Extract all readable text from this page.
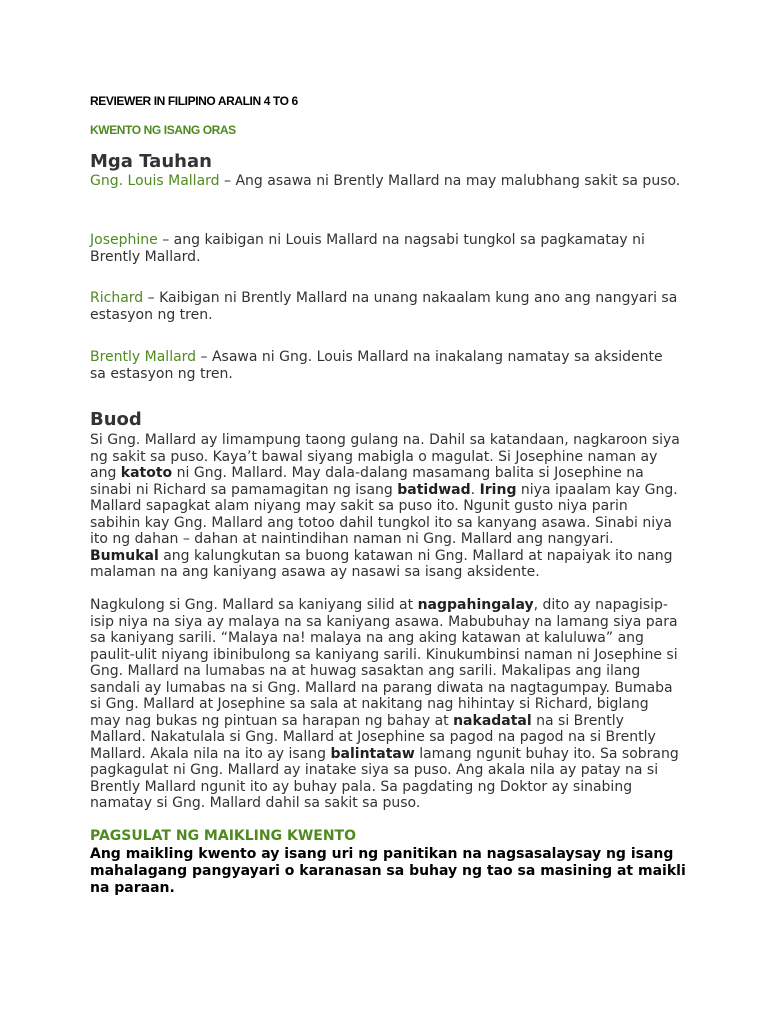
REVIEWER IN FILIPINO ARALIN 4 TO 6
KWENTO NG ISANG ORAS
Mga Tauhan
Gng. Louis Mallard – Ang asawa ni Brently Mallard na may malubhang sakit sa puso.
Josephine – ang kaibigan ni Louis Mallard na nagsabi tungkol sa pagkamatay ni Brently Mallard.
Richard – Kaibigan ni Brently Mallard na unang nakaalam kung ano ang nangyari sa estasyon ng tren.
Brently Mallard – Asawa ni Gng. Louis Mallard na inakalang namatay sa aksidente sa estasyon ng tren.
Buod
Si Gng. Mallard ay limampung taong gulang na. Dahil sa katandaan, nagkaroon siya ng sakit sa puso. Kaya’t bawal siyang mabigla o magulat. Si Josephine naman ay ang katoto ni Gng. Mallard. May dala-dalang masamang balita si Josephine na sinabi ni Richard sa pamamagitan ng isang batidwad. Iring niya ipaalam kay Gng. Mallard sapagkat alam niyang may sakit sa puso ito. Ngunit gusto niya parin sabihin kay Gng. Mallard ang totoo dahil tungkol ito sa kanyang asawa. Sinabi niya ito ng dahan – dahan at naintindihan naman ni Gng. Mallard ang nangyari. Bumukal ang kalungkutan sa buong katawan ni Gng. Mallard at napaiyak ito nang malaman na ang kaniyang asawa ay nasawi sa isang aksidente.
Nagkulong si Gng. Mallard sa kaniyang silid at nagpahingalay, dito ay napagisip-isip niya na siya ay malaya na sa kaniyang asawa. Mabubuhay na lamang siya para sa kaniyang sarili. “Malaya na! malaya na ang aking katawan at kaluluwa” ang paulit-ulit niyang ibinibulong sa kaniyang sarili. Kinukumbinsi naman ni Josephine si Gng. Mallard na lumabas na at huwag sasaktan ang sarili. Makalipas ang ilang sandali ay lumabas na si Gng. Mallard na parang diwata na nagtagumpay. Bumaba si Gng. Mallard at Josephine sa sala at nakitang nag hihintay si Richard, biglang may nag bukas ng pintuan sa harapan ng bahay at nakadatal na si Brently Mallard. Nakatulala si Gng. Mallard at Josephine sa pagod na pagod na si Brently Mallard. Akala nila na ito ay isang balintataw lamang ngunit buhay ito. Sa sobrang pagkagulat ni Gng. Mallard ay inatake siya sa puso. Ang akala nila ay patay na si Brently Mallard ngunit ito ay buhay pala. Sa pagdating ng Doktor ay sinabing namatay si Gng. Mallard dahil sa sakit sa puso.
PAGSULAT NG MAIKLING KWENTO
Ang maikling kwento ay isang uri ng panitikan na nagsasalaysay ng isang mahalagang pangyayari o karanasan sa buhay ng tao sa masining at maikli na paraan.
